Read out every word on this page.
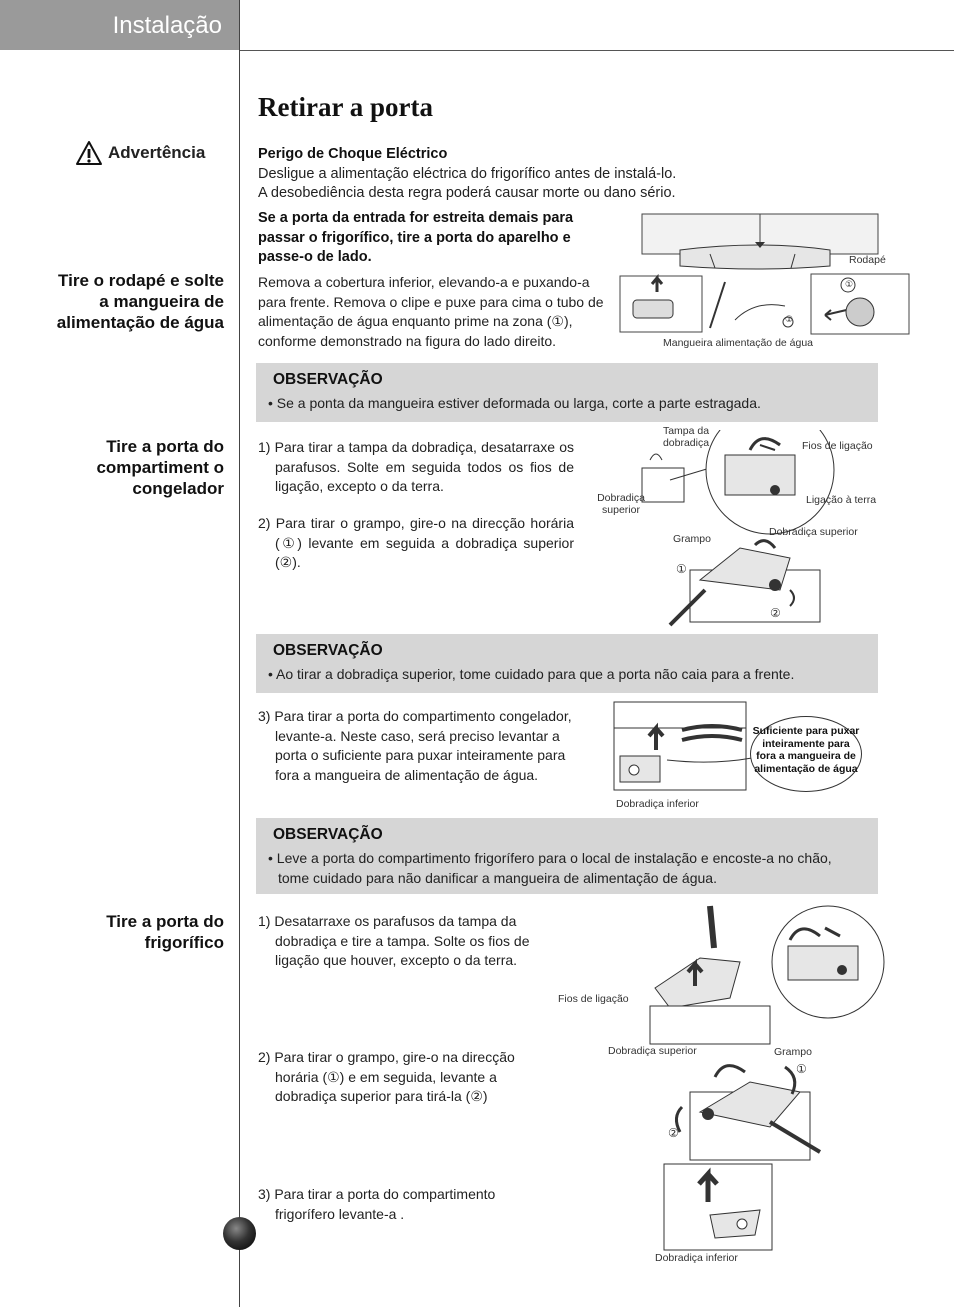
Instalação
Retirar a porta
Advertência
Tire o rodapé e solte a mangueira de alimentação de água
Tire a porta do compartiment o congelador
Tire a porta do frigorífico
Perigo de Choque Eléctrico
Desligue a alimentação eléctrica do frigorífico antes de instalá-lo.
A desobediência desta regra poderá causar morte ou dano sério.
Se a porta da entrada for estreita demais para passar o frigorífico, tire a porta do aparelho e passe-o de lado.
Remova a cobertura inferior, elevando-a e puxando-a para frente. Remova o clipe e puxe para cima o tubo de alimentação de água enquanto prime na zona (①), conforme demonstrado na figura do lado direito.
Rodapé
①
①
Mangueira alimentação de água
OBSERVAÇÃO
• Se a ponta da mangueira estiver deformada ou larga, corte a parte estragada.
1) Para tirar a tampa da dobradiça, desatarraxe os parafusos. Solte em seguida todos os fios de ligação, excepto o da terra.
2) Para tirar o grampo, gire-o na direcção horária (①) levante em seguida a dobradiça superior (②).
Tampa da dobradiça	Fios de ligação
Dobradiça superior
Ligação à terra
Grampo
Dobradiça superior
①
②
OBSERVAÇÃO
• Ao tirar a dobradiça superior, tome cuidado para que a porta não caia para a frente.
3) Para tirar a porta do compartimento congelador, levante-a. Neste caso, será preciso levantar a porta o suficiente para puxar inteiramente para fora a mangueira de alimentação de água.
Suficiente para puxar inteiramente para fora a mangueira de alimentação de água
Dobradiça inferior
OBSERVAÇÃO
• Leve a porta do compartimento frigorífero para o local de instalação e encoste-a no chão, tome cuidado para não danificar a mangueira de alimentação de água.
1) Desatarraxe os parafusos da tampa da dobradiça e tire a tampa. Solte os fios de ligação que houver, excepto o da terra.
2) Para tirar o grampo, gire-o na direcção horária (①) e em seguida, levante a dobradiça superior para tirá-la (②)
3) Para tirar a porta do compartimento frigorífero levante-a .
Fios de ligação
Dobradiça superior	Grampo
①
②
Dobradiça inferior
